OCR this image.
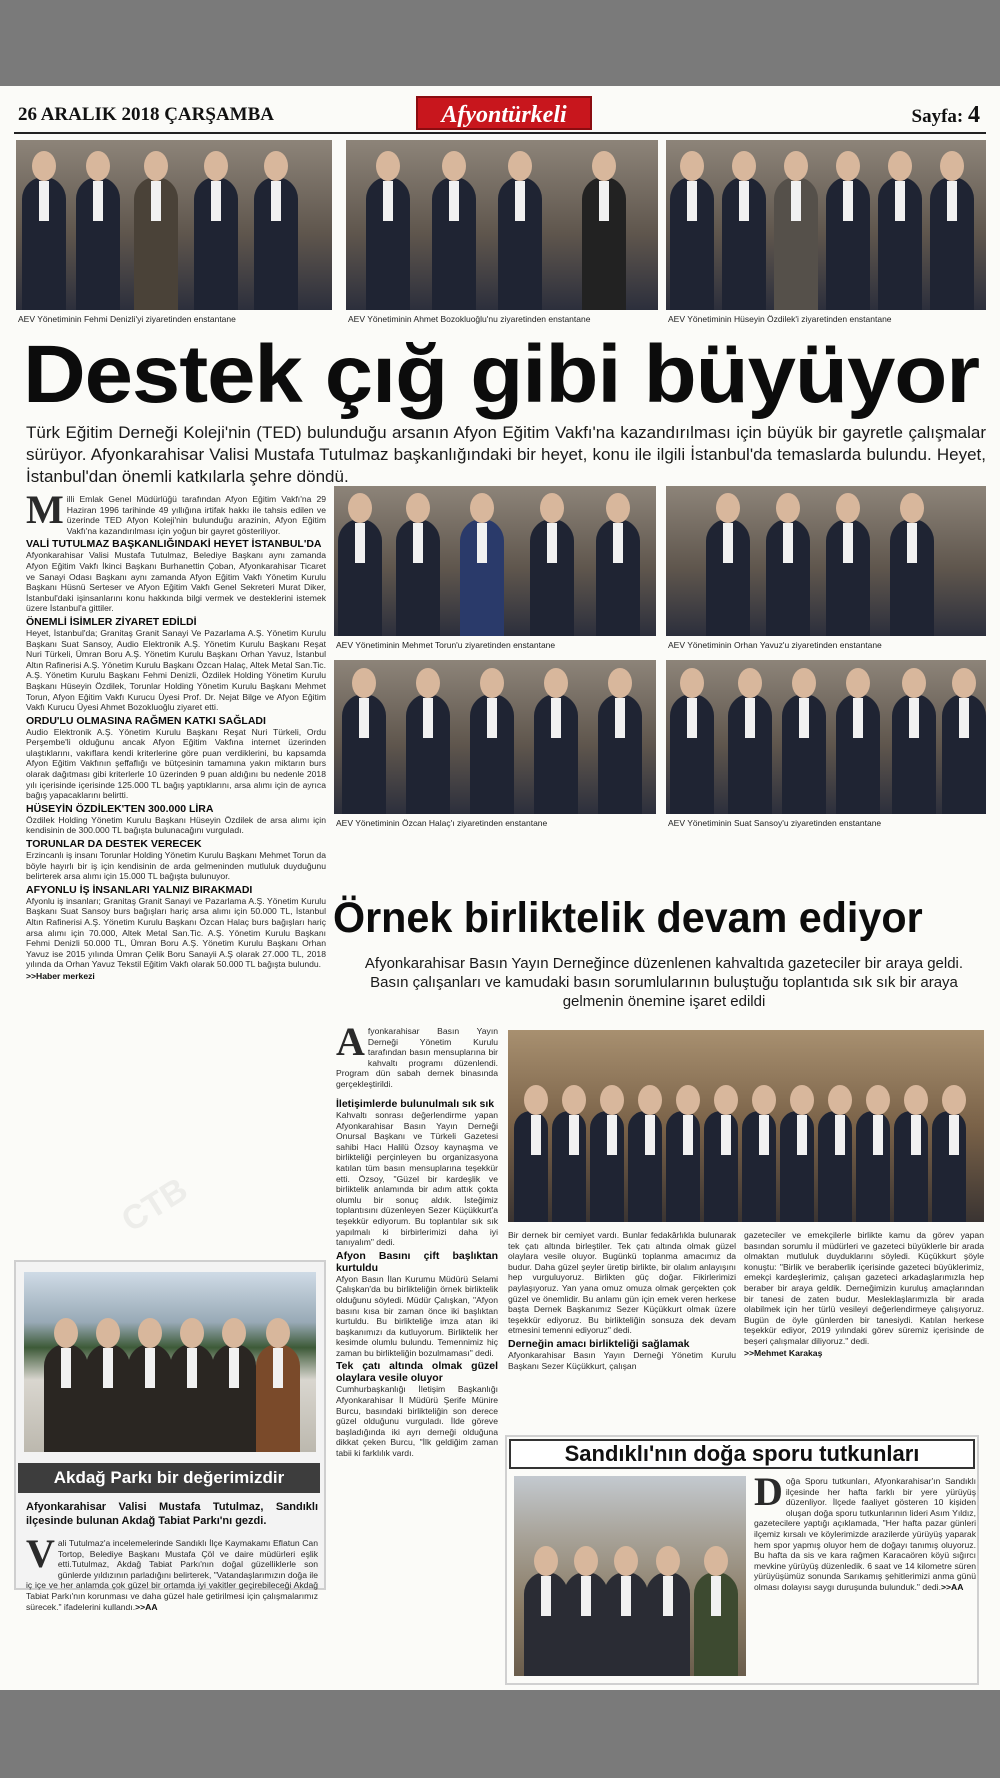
CTB
26 ARALIK 2018 ÇARŞAMBA	Afyontürkeli	Sayfa: 4
AEV Yönetiminin Fehmi Denizli'yi ziyaretinden enstantane	AEV Yönetiminin Ahmet Bozokluoğlu'nu ziyaretinden enstantane	AEV Yönetiminin Hüseyin Özdilek'i ziyaretinden enstantane
Destek çığ gibi büyüyor
Türk Eğitim Derneği Koleji'nin (TED) bulunduğu arsanın Afyon Eğitim Vakfı'na kazandırılması için büyük bir gayretle çalışmalar sürüyor. Afyonkarahisar Valisi Mustafa Tutulmaz başkanlığındaki bir heyet, konu ile ilgili İstanbul'da temaslarda bulundu. Heyet, İstanbul'dan önemli katkılarla şehre döndü.

Milli Emlak Genel Müdürlüğü tarafından Afyon Eğitim Vakfı'na 29 Haziran 1996 tarihinde 49 yıllığına irtifak hakkı ile tahsis edilen ve üzerinde TED Afyon Koleji'nin bulunduğu arazinin, Afyon Eğitim Vakfı'na kazandırılması için yoğun bir gayret gösteriliyor.

VALİ TUTULMAZ BAŞKANLIĞINDAKİ HEYET İSTANBUL'DA

Afyonkarahisar Valisi Mustafa Tutulmaz, Belediye Başkanı aynı zamanda Afyon Eğitim Vakfı İkinci Başkanı Burhanettin Çoban, Afyonkarahisar Ticaret ve Sanayi Odası Başkanı aynı zamanda Afyon Eğitim Vakfı Yönetim Kurulu Başkanı Hüsnü Serteser ve Afyon Eğitim Vakfı Genel Sekreteri Murat Diker, İstanbul'daki işinsanlarını konu hakkında bilgi vermek ve desteklerini istemek üzere İstanbul'a gittiler.

ÖNEMLİ İSİMLER ZİYARET EDİLDİ

Heyet, İstanbul'da; Granitaş Granit Sanayi Ve Pazarlama A.Ş. Yönetim Kurulu Başkanı Suat Sansoy, Audio Elektronik A.Ş. Yönetim Kurulu Başkanı Reşat Nuri Türkeli, Ümran Boru A.Ş. Yönetim Kurulu Başkanı Orhan Yavuz, İstanbul Altın Rafinerisi A.Ş. Yönetim Kurulu Başkanı Özcan Halaç, Altek Metal San.Tic. A.Ş. Yönetim Kurulu Başkanı Fehmi Denizli, Özdilek Holding Yönetim Kurulu Başkanı Hüseyin Özdilek, Torunlar Holding Yönetim Kurulu Başkanı Mehmet Torun, Afyon Eğitim Vakfı Kurucu Üyesi Prof. Dr. Nejat Bilge ve Afyon Eğitim Vakfı Kurucu Üyesi Ahmet Bozokluoğlu ziyaret etti.

ORDU'LU OLMASINA RAĞMEN KATKI SAĞLADI

Audio Elektronik A.Ş. Yönetim Kurulu Başkanı Reşat Nuri Türkeli, Ordu Perşembe'li olduğunu ancak Afyon Eğitim Vakfına internet üzerinden ulaştıklarını, vakıflara kendi kriterlerine göre puan verdiklerini, bu kapsamda Afyon Eğitim Vakfının şeffaflığı ve bütçesinin tamamına yakın miktarın burs olarak dağıtması gibi kriterlerle 10 üzerinden 9 puan aldığını bu nedenle 2018 yılı içerisinde içerisinde 125.000 TL bağış yaptıklarını, arsa alımı için de ayrıca bağış yapacaklarını belirtti.

HÜSEYİN ÖZDİLEK'TEN 300.000 LİRA

Özdilek Holding Yönetim Kurulu Başkanı Hüseyin Özdilek de arsa alımı için kendisinin de 300.000 TL bağışta bulunacağını vurguladı.

TORUNLAR DA DESTEK VERECEK

Erzincanlı iş insanı Torunlar Holding Yönetim Kurulu Başkanı Mehmet Torun da böyle hayırlı bir iş için kendisinin de arda gelmeninden mutluluk duyduğunu belirterek arsa alımı için 15.000 TL bağışta bulunuyor.

AFYONLU İŞ İNSANLARI YALNIZ BIRAKMADI

Afyonlu iş insanları; Granitaş Granit Sanayi ve Pazarlama A.Ş. Yönetim Kurulu Başkanı Suat Sansoy burs bağışları hariç arsa alımı için 50.000 TL, İstanbul Altın Rafinerisi A.Ş. Yönetim Kurulu Başkanı Özcan Halaç burs bağışları hariç arsa alımı için 70.000, Altek Metal San.Tic. A.Ş. Yönetim Kurulu Başkanı Fehmi Denizli 50.000 TL, Ümran Boru A.Ş. Yönetim Kurulu Başkanı Orhan Yavuz ise 2015 yılında Ümran Çelik Boru Sanayii A.Ş olarak 27.000 TL, 2018 yılında da Orhan Yavuz Tekstil Eğitim Vakfı olarak 50.000 TL bağışta bulundu.

>>Haber merkezi

AEV Yönetiminin Mehmet Torun'u ziyaretinden enstantane	AEV Yönetiminin Orhan Yavuz'u ziyaretinden enstantane
AEV Yönetiminin Özcan Halaç'ı ziyaretinden enstantane	AEV Yönetiminin Suat Sansoy'u ziyaretinden enstantane
Örnek birliktelik devam ediyor
Afyonkarahisar Basın Yayın Derneğince düzenlenen kahvaltıda gazeteciler bir araya geldi. Basın çalışanları ve kamudaki basın sorumlularının buluştuğu toplantıda sık sık bir araya gelmenin önemine işaret edildi

Afyonkarahisar Basın Yayın Derneği Yönetim Kurulu tarafından basın mensuplarına bir kahvaltı programı düzenlendi. Program dün sabah dernek binasında gerçekleştirildi.

İletişimlerde bulunulmalı sık sık

Kahvaltı sonrası değerlendirme yapan Afyonkarahisar Basın Yayın Derneği Onursal Başkanı ve Türkeli Gazetesi sahibi Hacı Halilü Özsoy kaynaşma ve birlikteliği perçinleyen bu organizasyona katılan tüm basın mensuplarına teşekkür etti. Özsoy, "Güzel bir kardeşlik ve birliktelik anlamında bir adım attık çokta olumlu bir sonuç aldık. İsteğimiz toplantısını düzenleyen Sezer Küçükkurt'a teşekkür ediyorum. Bu toplantılar sık sık yapılmalı ki birbirlerimizi daha iyi tanıyalım" dedi.

Afyon Basını çift başlıktan kurtuldu

Afyon Basın İlan Kurumu Müdürü Selami Çalışkan'da bu birlikteliğin örnek birliktelik olduğunu söyledi. Müdür Çalışkan, "Afyon basını kısa bir zaman önce iki başlıktan kurtuldu. Bu birlikteliğe imza atan iki başkanımızı da kutluyorum. Birliktelik her kesimde olumlu bulundu. Temennimiz hiç zaman bu birlikteliğin bozulmaması" dedi.

Tek çatı altında olmak güzel olaylara vesile oluyor

Cumhurbaşkanlığı İletişim Başkanlığı Afyonkarahisar İl Müdürü Şerife Münire Burcu, basındaki birlikteliğin son derece güzel olduğunu vurguladı. İlde göreve başladığında iki ayrı derneği olduğuna dikkat çeken Burcu, "İlk geldiğim zaman tabii ki farklılık vardı.

Bir dernek bir cemiyet vardı. Bunlar fedakârlıkla bulunarak tek çatı altında birleştiler. Tek çatı altında olmak güzel olaylara vesile oluyor. Bugünkü toplanma amacımız da budur. Daha güzel şeyler üretip birlikte, bir olalım anlayışını hep vurguluyoruz. Birlikten güç doğar. Fikirlerimizi paylaşıyoruz. Yan yana omuz omuza olmak gerçekten çok güzel ve önemlidir. Bu anlamı gün için emek veren herkese başta Dernek Başkanımız Sezer Küçükkurt olmak üzere teşekkür ediyoruz. Bu birlikteliğin sonsuza dek devam etmesini temenni ediyoruz" dedi.

Derneğin amacı birlikteliği sağlamak

Afyonkarahisar Basın Yayın Derneği Yönetim Kurulu Başkanı Sezer Küçükkurt, çalışan

gazeteciler ve emekçilerle birlikte kamu da görev yapan basından sorumlu il müdürleri ve gazeteci büyüklerle bir arada olmaktan mutluluk duyduklarını söyledi. Küçükkurt şöyle konuştu: "Birlik ve beraberlik içerisinde gazeteci büyüklerimiz, emekçi kardeşlerimiz, çalışan gazeteci arkadaşlarımızla hep beraber bir araya geldik. Derneğimizin kuruluş amaçlarından bir tanesi de zaten budur. Mesleklaşlarımızla bir arada olabilmek için her türlü vesileyi değerlendirmeye çalışıyoruz. Bugün de öyle günlerden bir tanesiydi. Katılan herkese teşekkür ediyor, 2019 yılındaki görev süremiz içerisinde de beşeri çalışmalar diliyoruz." dedi.

>>Mehmet Karakaş

Akdağ Parkı bir değerimizdir
Afyonkarahisar Valisi Mustafa Tutulmaz, Sandıklı ilçesinde bulunan Akdağ Tabiat Parkı'nı gezdi.

Vali Tutulmaz'a incelemelerinde Sandıklı İlçe Kaymakamı Eflatun Can Tortop, Belediye Başkanı Mustafa Çöl ve daire müdürleri eşlik etti.Tutulmaz, Akdağ Tabiat Parkı'nın doğal güzelliklerle son günlerde yıldızının parladığını belirterek, "Vatandaşlarımızın doğa ile iç içe ve her anlamda çok güzel bir ortamda iyi vakitler geçirebileceği Akdağ Tabiat Parkı'nın korunması ve daha güzel hale getirilmesi için çalışmalarımız sürecek." ifadelerini kullandı.>>AA

Sandıklı'nın doğa sporu tutkunları

Doğa Sporu tutkunları, Afyonkarahisar'ın Sandıklı ilçesinde her hafta farklı bir yere yürüyüş düzenliyor. İlçede faaliyet gösteren 10 kişiden oluşan doğa sporu tutkunlarının lideri Asım Yıldız, gazetecilere yaptığı açıklamada, "Her hafta pazar günleri ilçemiz kırsalı ve köylerimizde arazilerde yürüyüş yaparak hem spor yapmış oluyor hem de doğayı tanımış oluyoruz. Bu hafta da sis ve kara rağmen Karacaören köyü sığırcı mevkine yürüyüş düzenledik. 6 saat ve 14 kilometre süren yürüyüşümüz sonunda Sarıkamış şehitlerimizi anma günü olması dolayısı saygı duruşunda bulunduk." dedi.>>AA
